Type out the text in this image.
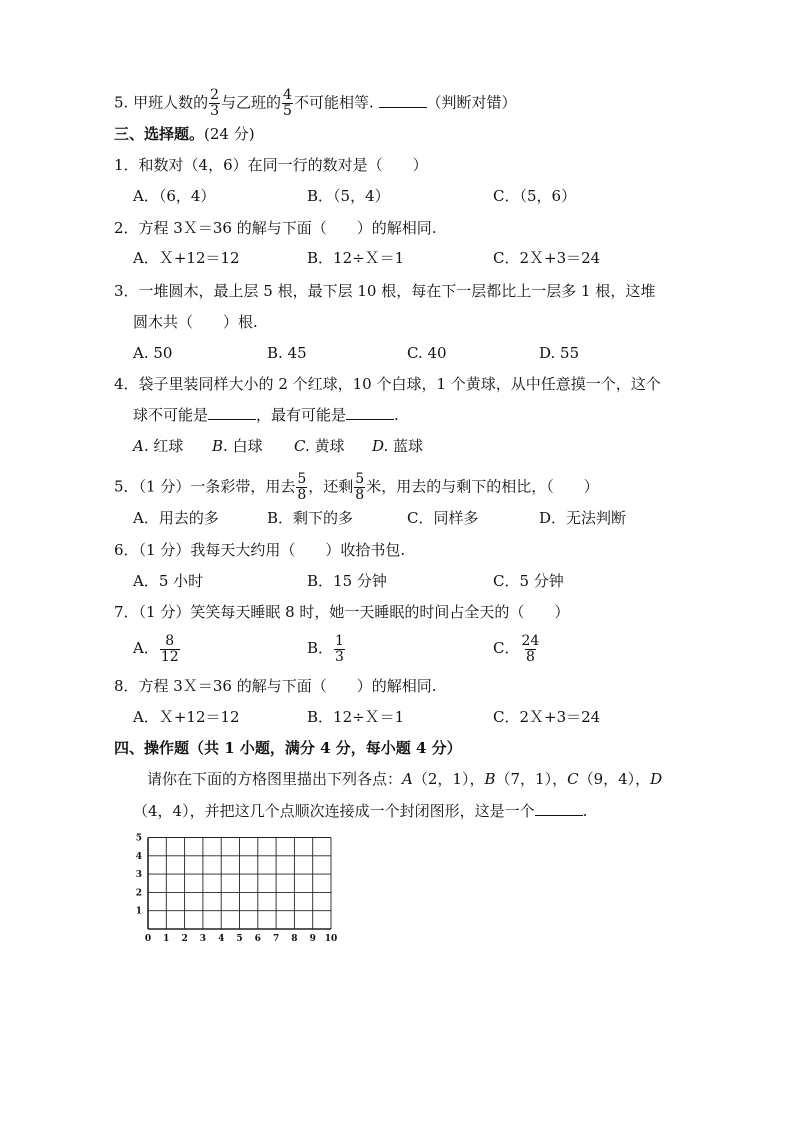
5. 甲班人数的 $\frac{2}{3}$ 与乙班的 $\frac{4}{5}$ 不可能相等.	（判断对错）
三、选择题。(24 分)
1．和数对（4，6）在同一行的数对是（　　）
A．（6，4）	B．（5，4）	C．（5，6）
2．方程 3Ｘ＝36 的解与下面（　　）的解相同.
A．Ｘ+12＝12	B．12÷Ｘ＝1	C．2Ｘ+3＝24
3．一堆圆木，最上层 5 根，最下层 10 根，每在下一层都比上一层多 1 根，这堆
圆木共（　　）根.
A. 50	B. 45	C. 40	D. 55
4．袋子里装同样大小的 2 个红球，10 个白球，1 个黄球，从中任意摸一个，这个
球不可能是	，最有可能是	.
A. 红球 B. 白球 C. 黄球 D. 蓝球
5．（1 分）一条彩带，用去 $\frac{5}{8}$ ，还剩 $\frac{5}{8}$ 米，用去的与剩下的相比，（　　）
A．用去的多	B．剩下的多	C．同样多	D．无法判断
6．（1 分）我每天大约用（　　）收拾书包.
A．5 小时	B．15 分钟	C．5 分钟
7．（1 分）笑笑每天睡眠 8 时，她一天睡眠的时间占全天的（　　）
A． $\frac{8}{12}$	B． $\frac{1}{3}$	C． $\frac{24}{8}$
8．方程 3Ｘ＝36 的解与下面（　　）的解相同.
A．Ｘ+12＝12	B．12÷Ｘ＝1	C．2Ｘ+3＝24
四、操作题（共 1 小题，满分 4 分，每小题 4 分）
请你在下面的方格图里描出下列各点：A（2，1），B（7，1），C（9，4），D
（4，4），并把这几个点顺次连接成一个封闭图形，这是一个	.
0 1 2 3 4 5 6 7 8 9 10
1
2
3
4
5
